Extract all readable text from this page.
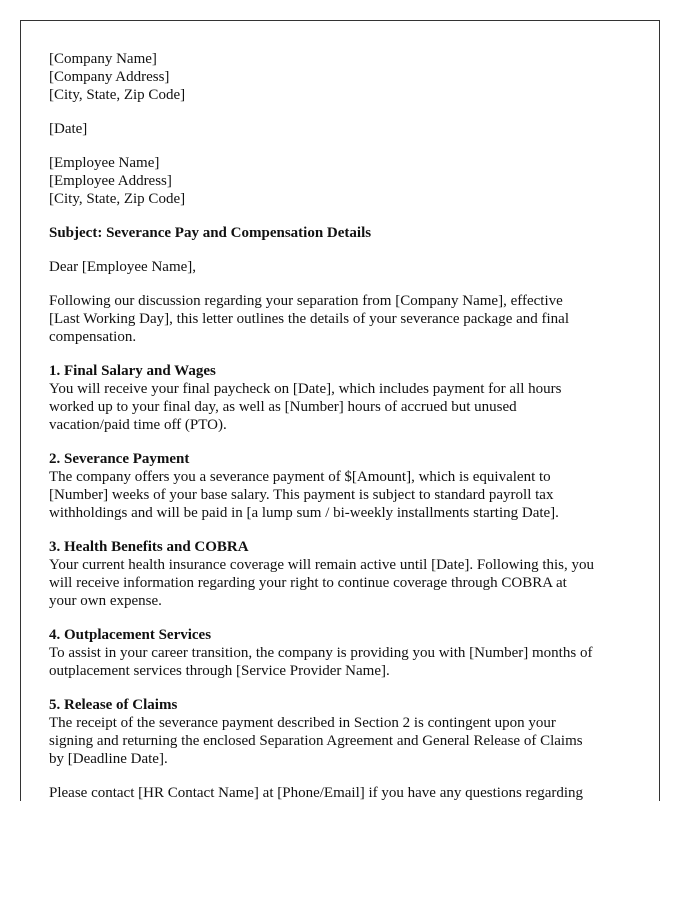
[Company Name]
[Company Address]
[City, State, Zip Code]
[Date]
[Employee Name]
[Employee Address]
[City, State, Zip Code]
Subject: Severance Pay and Compensation Details
Dear [Employee Name],
Following our discussion regarding your separation from [Company Name], effective
[Last Working Day], this letter outlines the details of your severance package and final
compensation.
1. Final Salary and Wages
You will receive your final paycheck on [Date], which includes payment for all hours
worked up to your final day, as well as [Number] hours of accrued but unused
vacation/paid time off (PTO).
2. Severance Payment
The company offers you a severance payment of $[Amount], which is equivalent to
[Number] weeks of your base salary. This payment is subject to standard payroll tax
withholdings and will be paid in [a lump sum / bi-weekly installments starting Date].
3. Health Benefits and COBRA
Your current health insurance coverage will remain active until [Date]. Following this, you
will receive information regarding your right to continue coverage through COBRA at
your own expense.
4. Outplacement Services
To assist in your career transition, the company is providing you with [Number] months of
outplacement services through [Service Provider Name].
5. Release of Claims
The receipt of the severance payment described in Section 2 is contingent upon your
signing and returning the enclosed Separation Agreement and General Release of Claims
by [Deadline Date].
Please contact [HR Contact Name] at [Phone/Email] if you have any questions regarding
